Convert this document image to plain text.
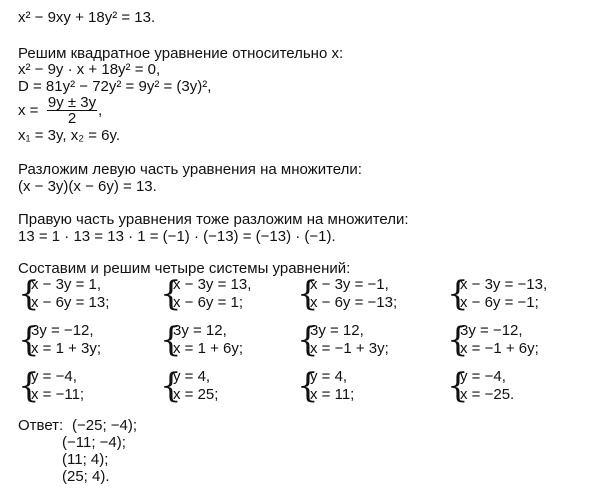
x² − 9xy + 18y² = 13.
Решим квадратное уравнение относительно x:
x² − 9y · x + 18y² = 0,
D = 81y² − 72y² = 9y² = (3y)²,
x = 9y ± 3y
2	,
x₁ = 3y, x₂ = 6y.
Разложим левую часть уравнения на множители:
(x − 3y)(x − 6y) = 13.
Правую часть уравнения тоже разложим на множители:
13 = 1 · 13 = 13 · 1 = (−1) · (−13) = (−13) · (−1).
Составим и решим четыре системы уравнений:
{
x − 3y = 1,
x − 6y = 13; {
x − 3y = 13,
x − 6y = 1; {
x − 3y = −1,
x − 6y = −13; {
x − 3y = −13,
x − 6y = −1;
{
3y = −12,
x = 1 + 3y; {
3y = 12,
x = 1 + 6y; {
3y = 12,
x = −1 + 3y; {
3y = −12,
x = −1 + 6y;
{
y = −4,
x = −11; {
y = 4,
x = 25; {
y = 4,
x = 11;	{
y = −4,
x = −25.
Ответ: (−25; −4);
(−11; −4);
(11; 4);
(25; 4).
